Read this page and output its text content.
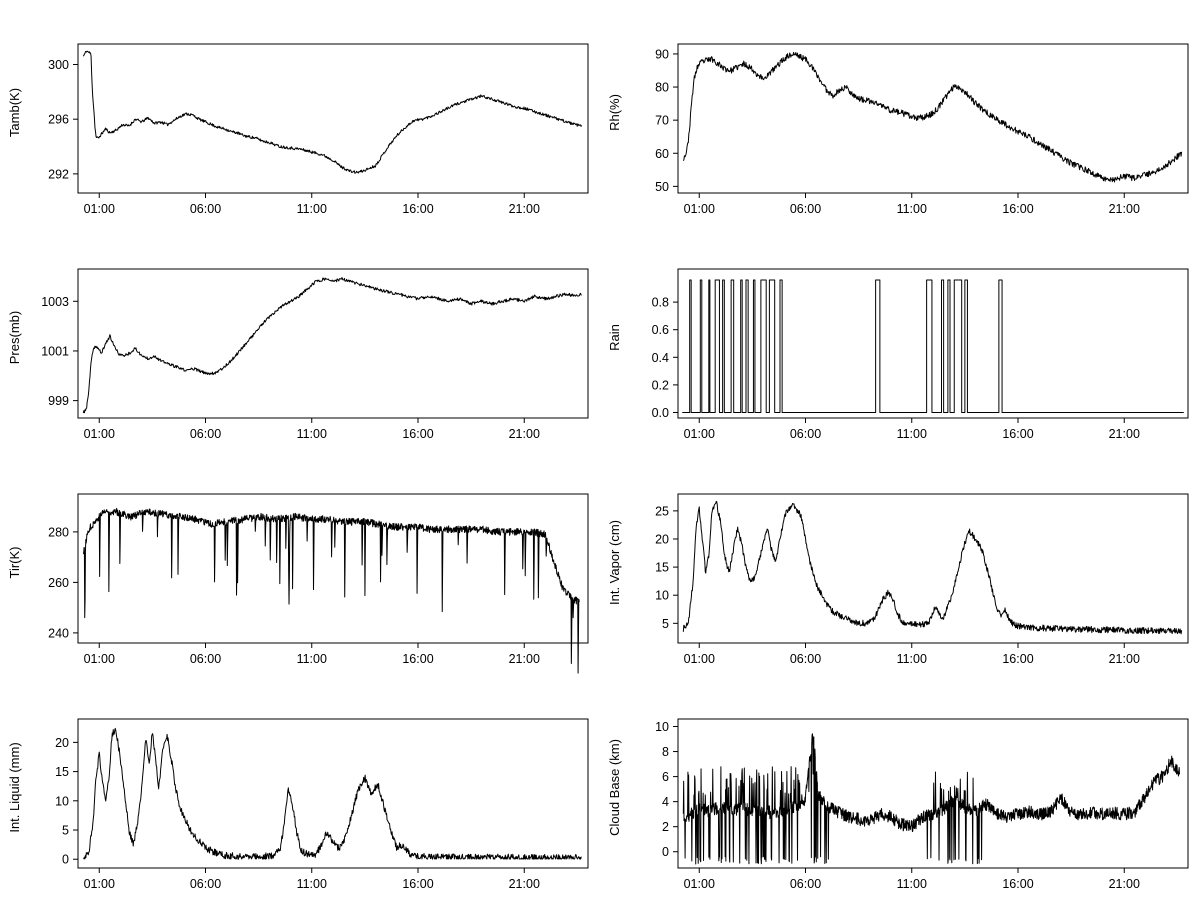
Tamb(K)
292
296
300
01:00	06:00	11:00	16:00	21:00
Rh(%)
50
60
70
80
90
01:00	06:00	11:00	16:00	21:00
Pres(mb)
999
1001
1003
01:00	06:00	11:00	16:00	21:00
Rain
0.0
0.2
0.4
0.6
0.8
01:00	06:00	11:00	16:00	21:00
Tir(K)
240
260
280
01:00	06:00	11:00	16:00	21:00
Int. Vapor (cm)
5
10
15
20
25
01:00	06:00	11:00	16:00	21:00
Int. Liquid (mm)
0
5
10
15
20
01:00	06:00	11:00	16:00	21:00
Cloud Base (km)
0
2
4
6
8
10
01:00	06:00	11:00	16:00	21:00
